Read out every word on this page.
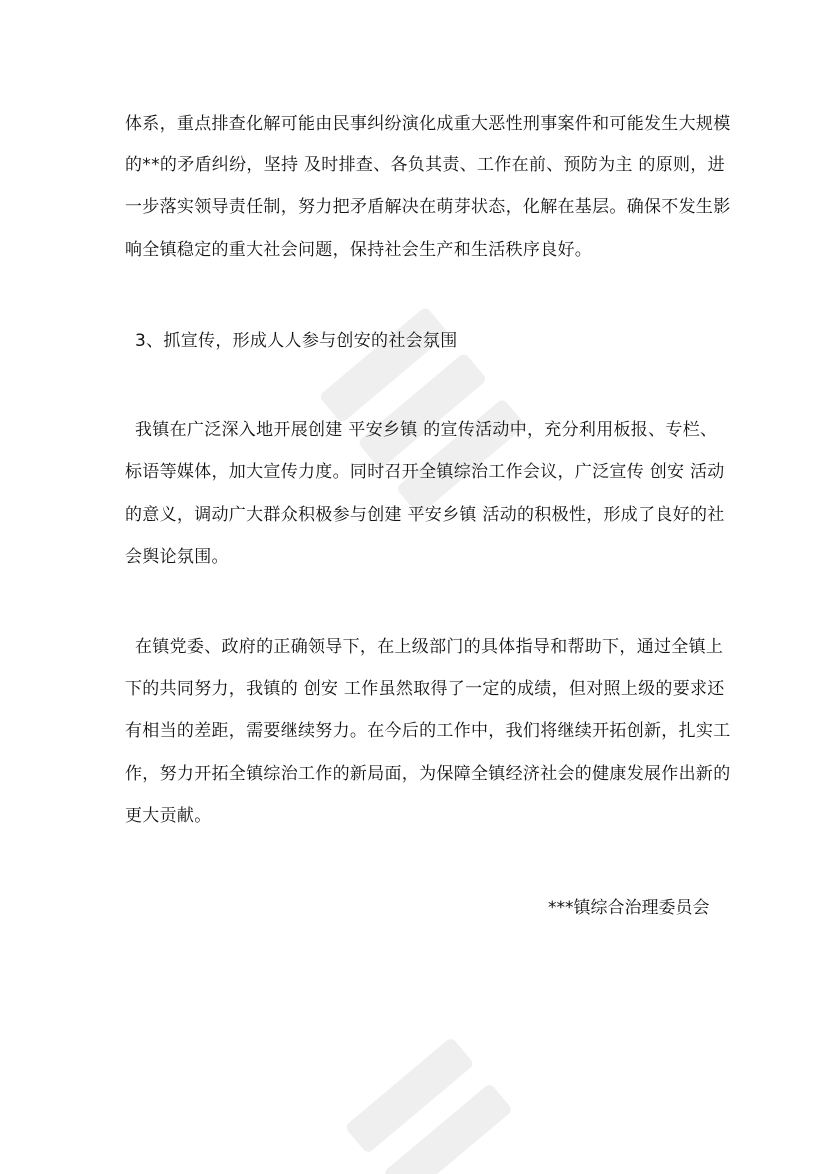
体系，重点排查化解可能由民事纠纷演化成重大恶性刑事案件和可能发生大规模
的**的矛盾纠纷，坚持 及时排查、各负其责、工作在前、预防为主 的原则，进
一步落实领导责任制，努力把矛盾解决在萌芽状态，化解在基层。确保不发生影
响全镇稳定的重大社会问题，保持社会生产和生活秩序良好。
3、抓宣传，形成人人参与创安的社会氛围
我镇在广泛深入地开展创建 平安乡镇 的宣传活动中，充分利用板报、专栏、
标语等媒体，加大宣传力度。同时召开全镇综治工作会议，广泛宣传 创安 活动
的意义，调动广大群众积极参与创建 平安乡镇 活动的积极性，形成了良好的社
会舆论氛围。
在镇党委、政府的正确领导下，在上级部门的具体指导和帮助下，通过全镇上
下的共同努力，我镇的 创安 工作虽然取得了一定的成绩，但对照上级的要求还
有相当的差距，需要继续努力。在今后的工作中，我们将继续开拓创新，扎实工
作，努力开拓全镇综治工作的新局面，为保障全镇经济社会的健康发展作出新的
更大贡献。
***镇综合治理委员会
